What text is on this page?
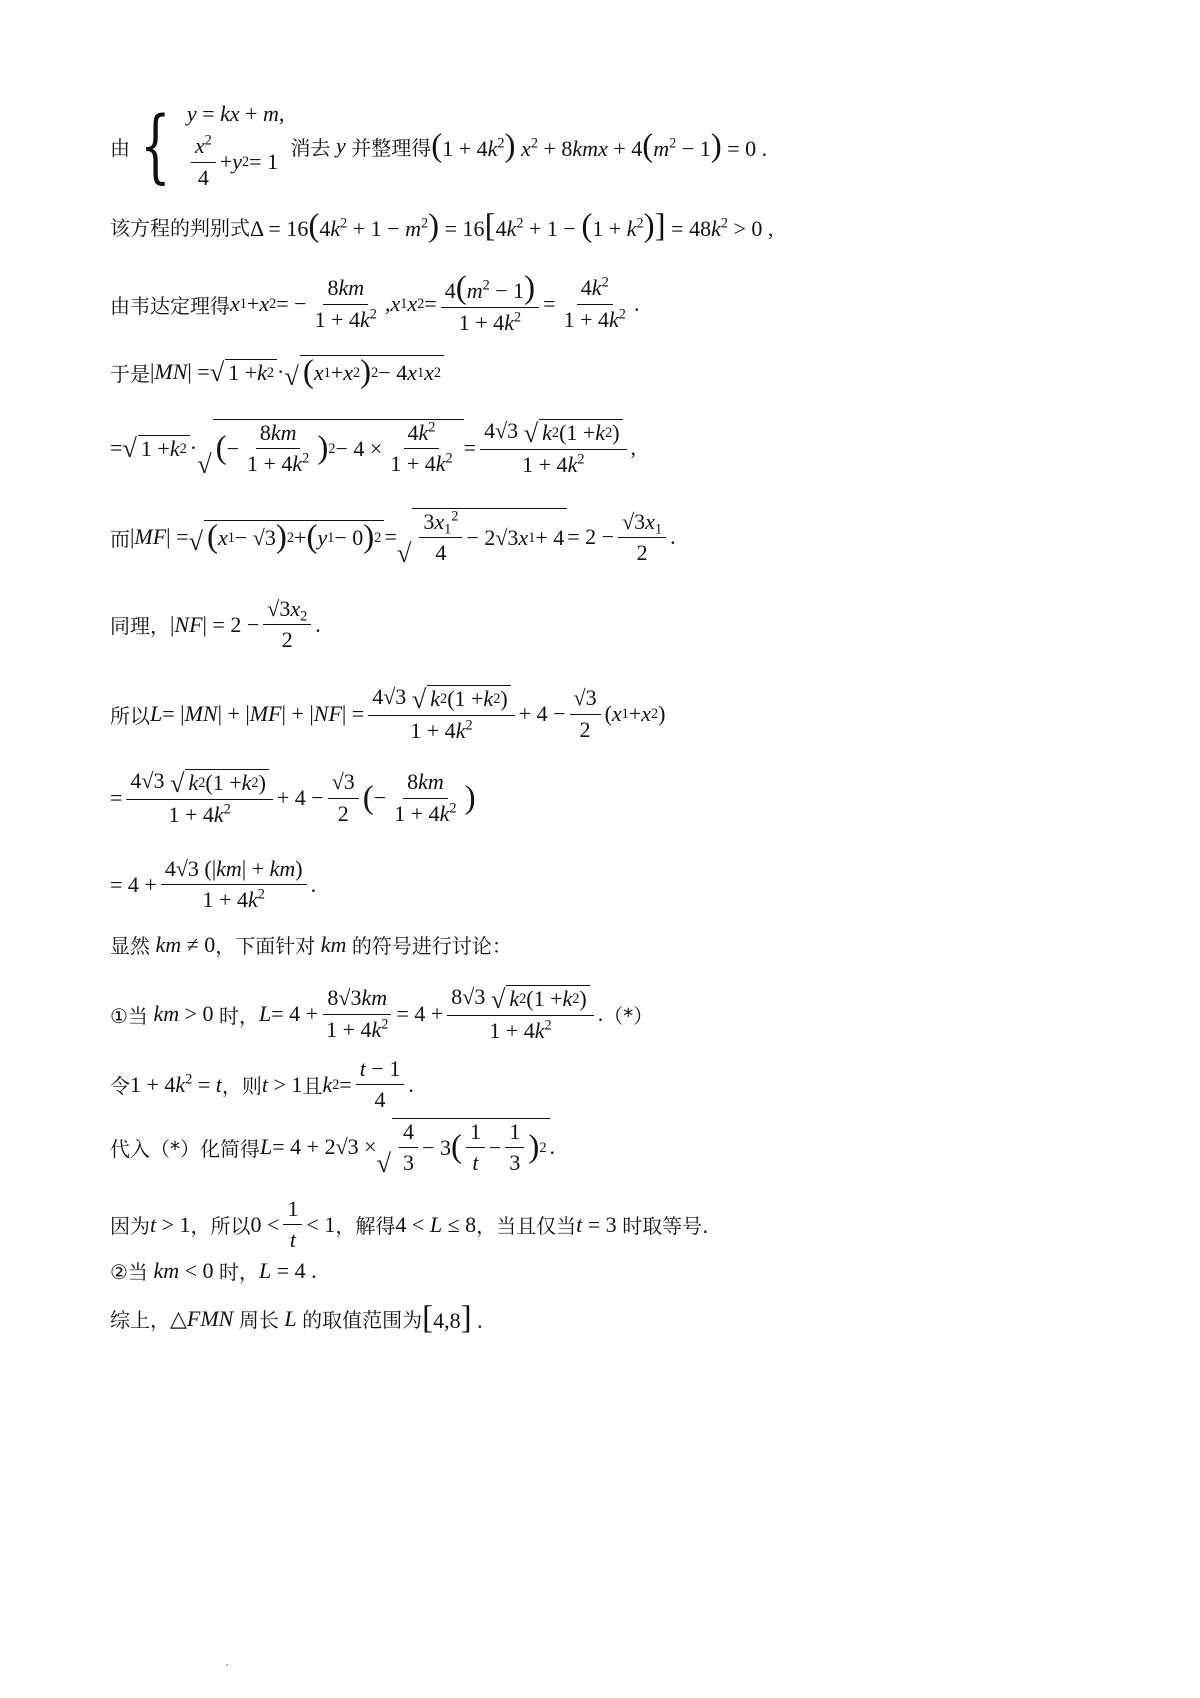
由 { y = kx + m,
$\frac{x^2}{4} + y$ 2 = 1
消去 y 并整理得 $(1 + 4k^2)$ $x^2 + 8kmx + 4(m^2 - 1) = 0$ .
该方程的判别式 $\Delta = 16(4k^2 + 1 - m^2) = 16[4k^2 + 1 - (1 + k^2)] = 48k^2 > 0$ ,
由韦达定理得 x 1 + x 2 = − $\frac{8km}{1 + 4k^2}$ , x 1 x $2 = \frac{4(m^2 - 1)}{1 + 4k^2} = \frac{4k^2}{1 + 4k^2}$ .
于是 | MN | = √ 1 + k 2 · √ ( x 1 + x 2 ) 2 − 4 x 1 x 2
= √ 1 + k 2 ·
√ ( − $\frac{8km}{1 + 4k^2}$ ) $2 - 4 \times \frac{4k^2}{1 + 4k^2} = \frac{4√3 √ k 2 (1 + k 2 )}{1 + 4k^2}$ ,
而 | MF | = √ ( x 1 − √3 ) 2 + ( y 1 − 0 ) 2 =
√ $\frac{3x_1^2}{4} - 2√3$ x $1 + 4 = 2 - \frac{√3x_1}{2}$ .
同理， | NF | = $2 - \frac{√3x_2}{2}$ .
所以 L = | MN | + | MF | + | NF | = $\frac{4√3 √ k 2 (1 + k 2 )}{1 + 4k^2} + 4 - \frac{√3}{2}$ ( x 1 + x 2 )
= $\frac{4√3 √ k 2 (1 + k 2 )}{1 + 4k^2} + 4 - \frac{√3}{2}$ ( − $\frac{8km}{1 + 4k^2}$ )
= $4 + \frac{4√3 (|km| + km)}{1 + 4k^2}$ .
显然 km ≠ 0 ，下面针对 km 的符号进行讨论：
①当 km > 0 时， $L = 4 + \frac{8√3km}{1 + 4k^2} = 4 + \frac{8√3 √ k 2 (1 + k 2 )}{1 + 4k^2}$ . （*）
令 $1 + 4k^2 = t$ ，则 t > 1 且 k $2 = \frac{t - 1}{4}$ .
代入（*）化简得 L = 4 + 2√3 ×
√ $\frac{4}{3} - 3$ ( $\frac{1}{t} - \frac{1}{3}$ ) 2 .
因为 t > 1 ，所以 $0 < \frac{1}{t} < 1$ ，解得 4 < L ≤ 8 ，当且仅当 t = 3 时取等号.
②当 km < 0 时， L = 4 .
综上， △FMN 周长 L 的取值范围为 [4,8] .
